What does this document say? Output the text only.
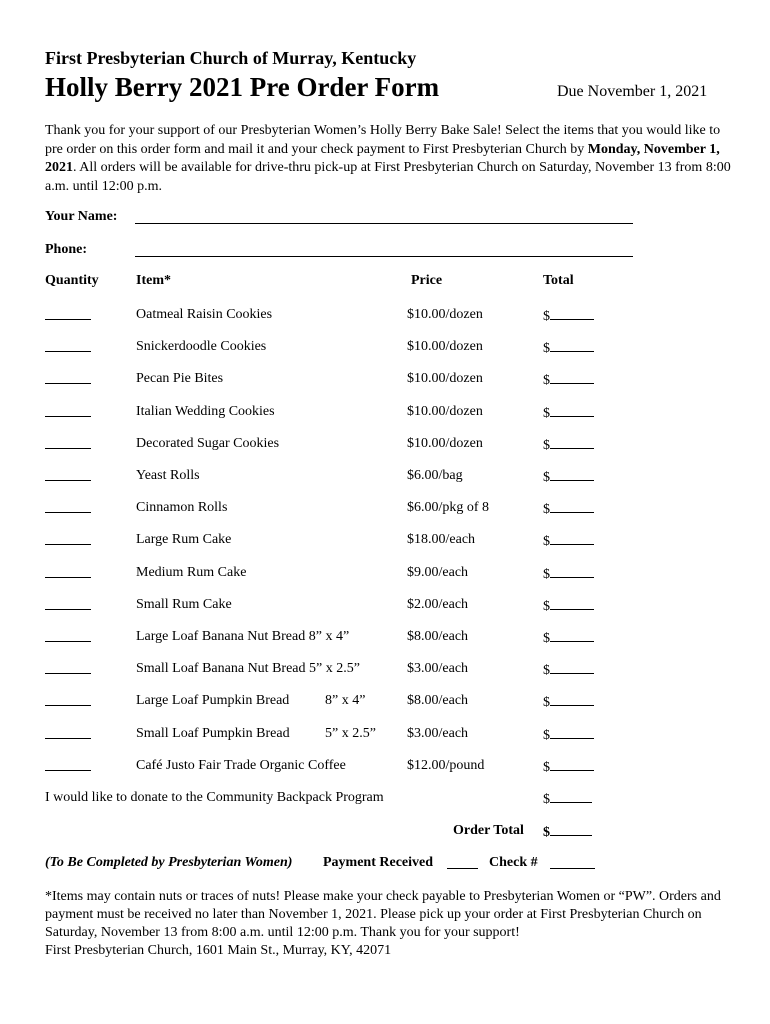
First Presbyterian Church of Murray, Kentucky
Holly Berry 2021 Pre Order Form	Due November 1, 2021
Thank you for your support of our Presbyterian Women’s Holly Berry Bake Sale! Select the items that you would like to pre order on this order form and mail it and your check payment to First Presbyterian Church by Monday, November 1, 2021. All orders will be available for drive-thru pick-up at First Presbyterian Church on Saturday, November 13 from 8:00 a.m. until 12:00 p.m.
Your Name:
Phone:
Quantity	Item*	Price	Total
Oatmeal Raisin Cookies	$10.00/dozen	$
Snickerdoodle Cookies	$10.00/dozen	$
Pecan Pie Bites	$10.00/dozen	$
Italian Wedding Cookies	$10.00/dozen	$
Decorated Sugar Cookies	$10.00/dozen	$
Yeast Rolls	$6.00/bag	$
Cinnamon Rolls	$6.00/pkg of 8	$
Large Rum Cake	$18.00/each	$
Medium Rum Cake	$9.00/each	$
Small Rum Cake	$2.00/each	$
Large Loaf Banana Nut Bread 8” x 4”	$8.00/each	$
Small Loaf Banana Nut Bread 5” x 2.5”	$3.00/each	$
Large Loaf Pumpkin Bread	8” x 4”	$8.00/each	$
Small Loaf Pumpkin Bread	5” x 2.5” $3.00/each	$
Café Justo Fair Trade Organic Coffee	$12.00/pound	$
I would like to donate to the Community Backpack Program	$
Order Total $
(To Be Completed by Presbyterian Women) Payment Received	Check #
*Items may contain nuts or traces of nuts! Please make your check payable to Presbyterian Women or “PW”. Orders and payment must be received no later than November 1, 2021. Please pick up your order at First Presbyterian Church on Saturday, November 13 from 8:00 a.m. until 12:00 p.m. Thank you for your support!
First Presbyterian Church, 1601 Main St., Murray, KY, 42071
